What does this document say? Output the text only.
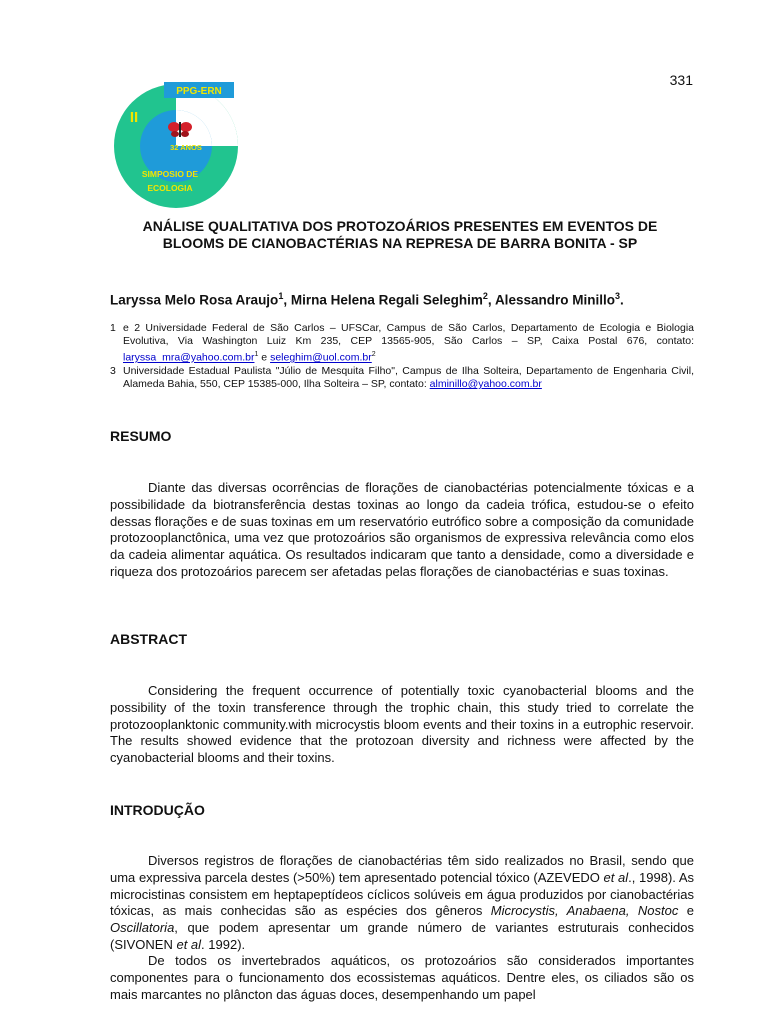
331
PPG-ERN
II
32 ANOS
SIMPOSIO DE
ECOLOGIA
ANÁLISE QUALITATIVA DOS PROTOZOÁRIOS PRESENTES EM EVENTOS DE
BLOOMS DE CIANOBACTÉRIAS NA REPRESA DE BARRA BONITA - SP
Laryssa Melo Rosa Araujo$^1$, Mirna Helena Regali Seleghim$^2$, Alessandro Minillo$^3$.
1 e 2 Universidade Federal de São Carlos – UFSCar, Campus de São Carlos, Departamento de Ecologia e Biologia Evolutiva, Via Washington Luiz Km 235, CEP 13565-905, São Carlos – SP, Caixa Postal 676, contato: $laryssa\_mra@yahoo.com.br^1$ e $seleghim@uol.com.br^2$
3 Universidade Estadual Paulista "Júlio de Mesquita Filho", Campus de Ilha Solteira, Departamento de Engenharia Civil, Alameda Bahia, 550, CEP 15385-000, Ilha Solteira – SP, contato: alminillo@yahoo.com.br
RESUMO

Diante das diversas ocorrências de florações de cianobactérias potencialmente tóxicas e a possibilidade da biotransferência destas toxinas ao longo da cadeia trófica, estudou-se o efeito dessas florações e de suas toxinas em um reservatório eutrófico sobre a composição da comunidade protozooplanctônica, uma vez que protozoários são organismos de expressiva relevância como elos da cadeia alimentar aquática. Os resultados indicaram que tanto a densidade, como a diversidade e riqueza dos protozoários parecem ser afetadas pelas florações de cianobactérias e suas toxinas.

ABSTRACT

Considering the frequent occurrence of potentially toxic cyanobacterial blooms and the possibility of the toxin transference through the trophic chain, this study tried to correlate the protozooplanktonic community.with microcystis bloom events and their toxins in a eutrophic reservoir. The results showed evidence that the protozoan diversity and richness were affected by the cyanobacterial blooms and their toxins.

INTRODUÇÃO

Diversos registros de florações de cianobactérias têm sido realizados no Brasil, sendo que uma expressiva parcela destes (>50%) tem apresentado potencial tóxico (AZEVEDO et al., 1998). As microcistinas consistem em heptapeptídeos cíclicos solúveis em água produzidos por cianobactérias tóxicas, as mais conhecidas são as espécies dos gêneros Microcystis, Anabaena, Nostoc e Oscillatoria, que podem apresentar um grande número de variantes estruturais conhecidos (SIVONEN et al. 1992).

De todos os invertebrados aquáticos, os protozoários são considerados importantes componentes para o funcionamento dos ecossistemas aquáticos. Dentre eles, os ciliados são os mais marcantes no plâncton das águas doces, desempenhando um papel
